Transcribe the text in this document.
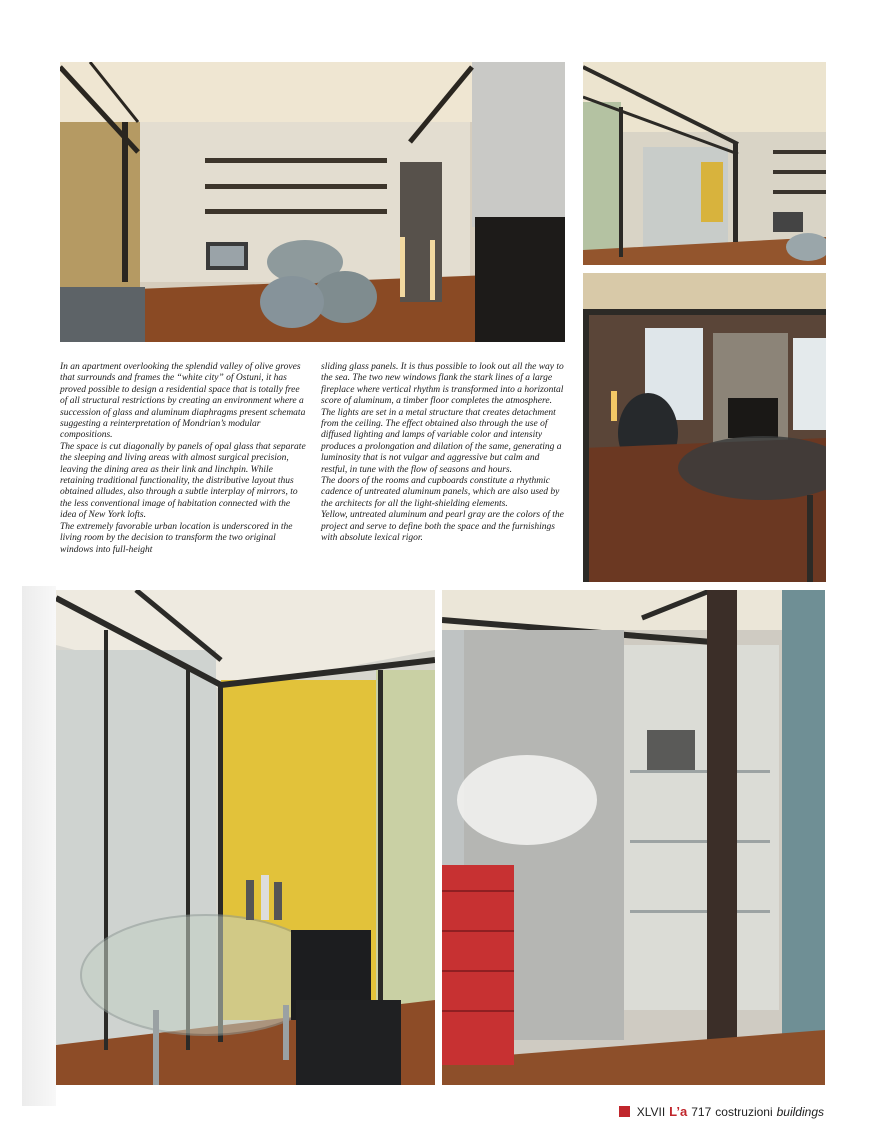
In an apartment overlooking the splendid valley of olive groves that surrounds and frames the “white city” of Ostuni, it has proved possible to design a residential space that is totally free of all structural restrictions by creating an environment where a succession of glass and aluminum diaphragms present schemata suggesting a reinterpretation of Mondrian’s modular compositions.

The space is cut diagonally by panels of opal glass that separate the sleeping and living areas with almost surgical precision, leaving the dining area as their link and linchpin. While retaining traditional functionality, the distributive layout thus obtained alludes, also through a subtle interplay of mirrors, to the less conventional image of habitation connected with the idea of New York lofts.

The extremely favorable urban location is underscored in the living room by the decision to transform the two original windows into full-height

sliding glass panels. It is thus possible to look out all the way to the sea. The two new windows flank the stark lines of a large fireplace where vertical rhythm is transformed into a horizontal score of aluminum, a timber floor completes the atmosphere. The lights are set in a metal structure that creates detachment from the ceiling. The effect obtained also through the use of diffused lighting and lamps of variable color and intensity produces a prolongation and dilation of the same, generating a luminosity that is not vulgar and aggressive but calm and restful, in tune with the flow of seasons and hours.

The doors of the rooms and cupboards constitute a rhythmic cadence of untreated aluminum panels, which are also used by the architects for all the light-shielding elements.

Yellow, untreated aluminum and pearl gray are the colors of the project and serve to define both the space and the furnishings with absolute lexical rigor.

XLVII L’a 717 costruzioni buildings
